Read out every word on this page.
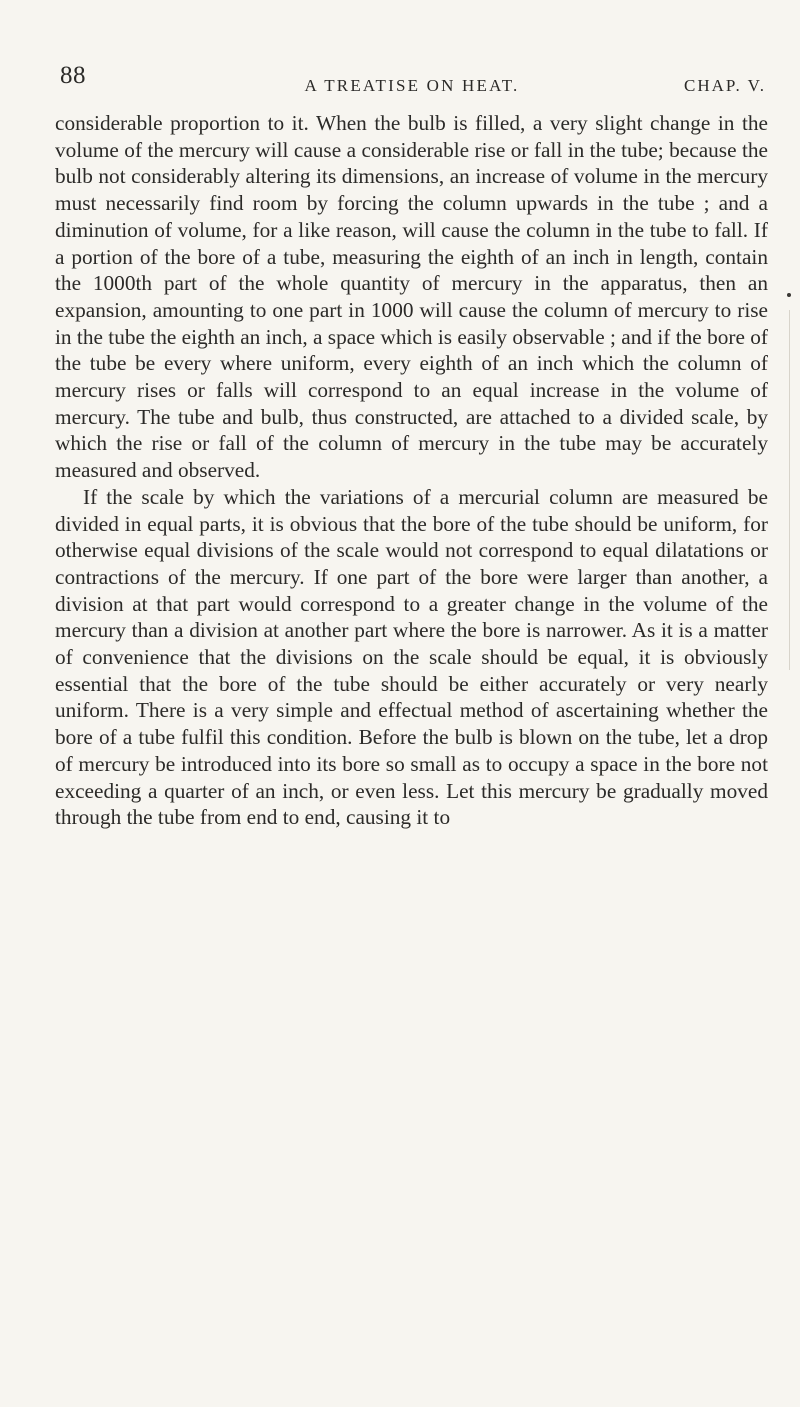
88	A TREATISE ON HEAT.	CHAP. V.

considerable proportion to it. When the bulb is filled, a very slight change in the volume of the mercury will cause a considerable rise or fall in the tube; because the bulb not considerably altering its dimensions, an increase of volume in the mercury must necessarily find room by forcing the column upwards in the tube ; and a diminution of volume, for a like reason, will cause the column in the tube to fall. If a portion of the bore of a tube, measuring the eighth of an inch in length, contain the 1000th part of the whole quantity of mercury in the apparatus, then an expansion, amounting to one part in 1000 will cause the column of mercury to rise in the tube the eighth an inch, a space which is easily observable ; and if the bore of the tube be every where uniform, every eighth of an inch which the column of mercury rises or falls will correspond to an equal increase in the volume of mercury. The tube and bulb, thus constructed, are attached to a divided scale, by which the rise or fall of the column of mercury in the tube may be accurately measured and observed.

If the scale by which the variations of a mercurial column are measured be divided in equal parts, it is obvious that the bore of the tube should be uniform, for otherwise equal divisions of the scale would not correspond to equal dilatations or contractions of the mercury. If one part of the bore were larger than another, a division at that part would correspond to a greater change in the volume of the mercury than a division at another part where the bore is narrower. As it is a matter of convenience that the divisions on the scale should be equal, it is obviously essential that the bore of the tube should be either accurately or very nearly uniform. There is a very simple and effectual method of ascertaining whether the bore of a tube fulfil this condition. Before the bulb is blown on the tube, let a drop of mercury be introduced into its bore so small as to occupy a space in the bore not exceeding a quarter of an inch, or even less. Let this mercury be gradually moved through the tube from end to end, causing it to
